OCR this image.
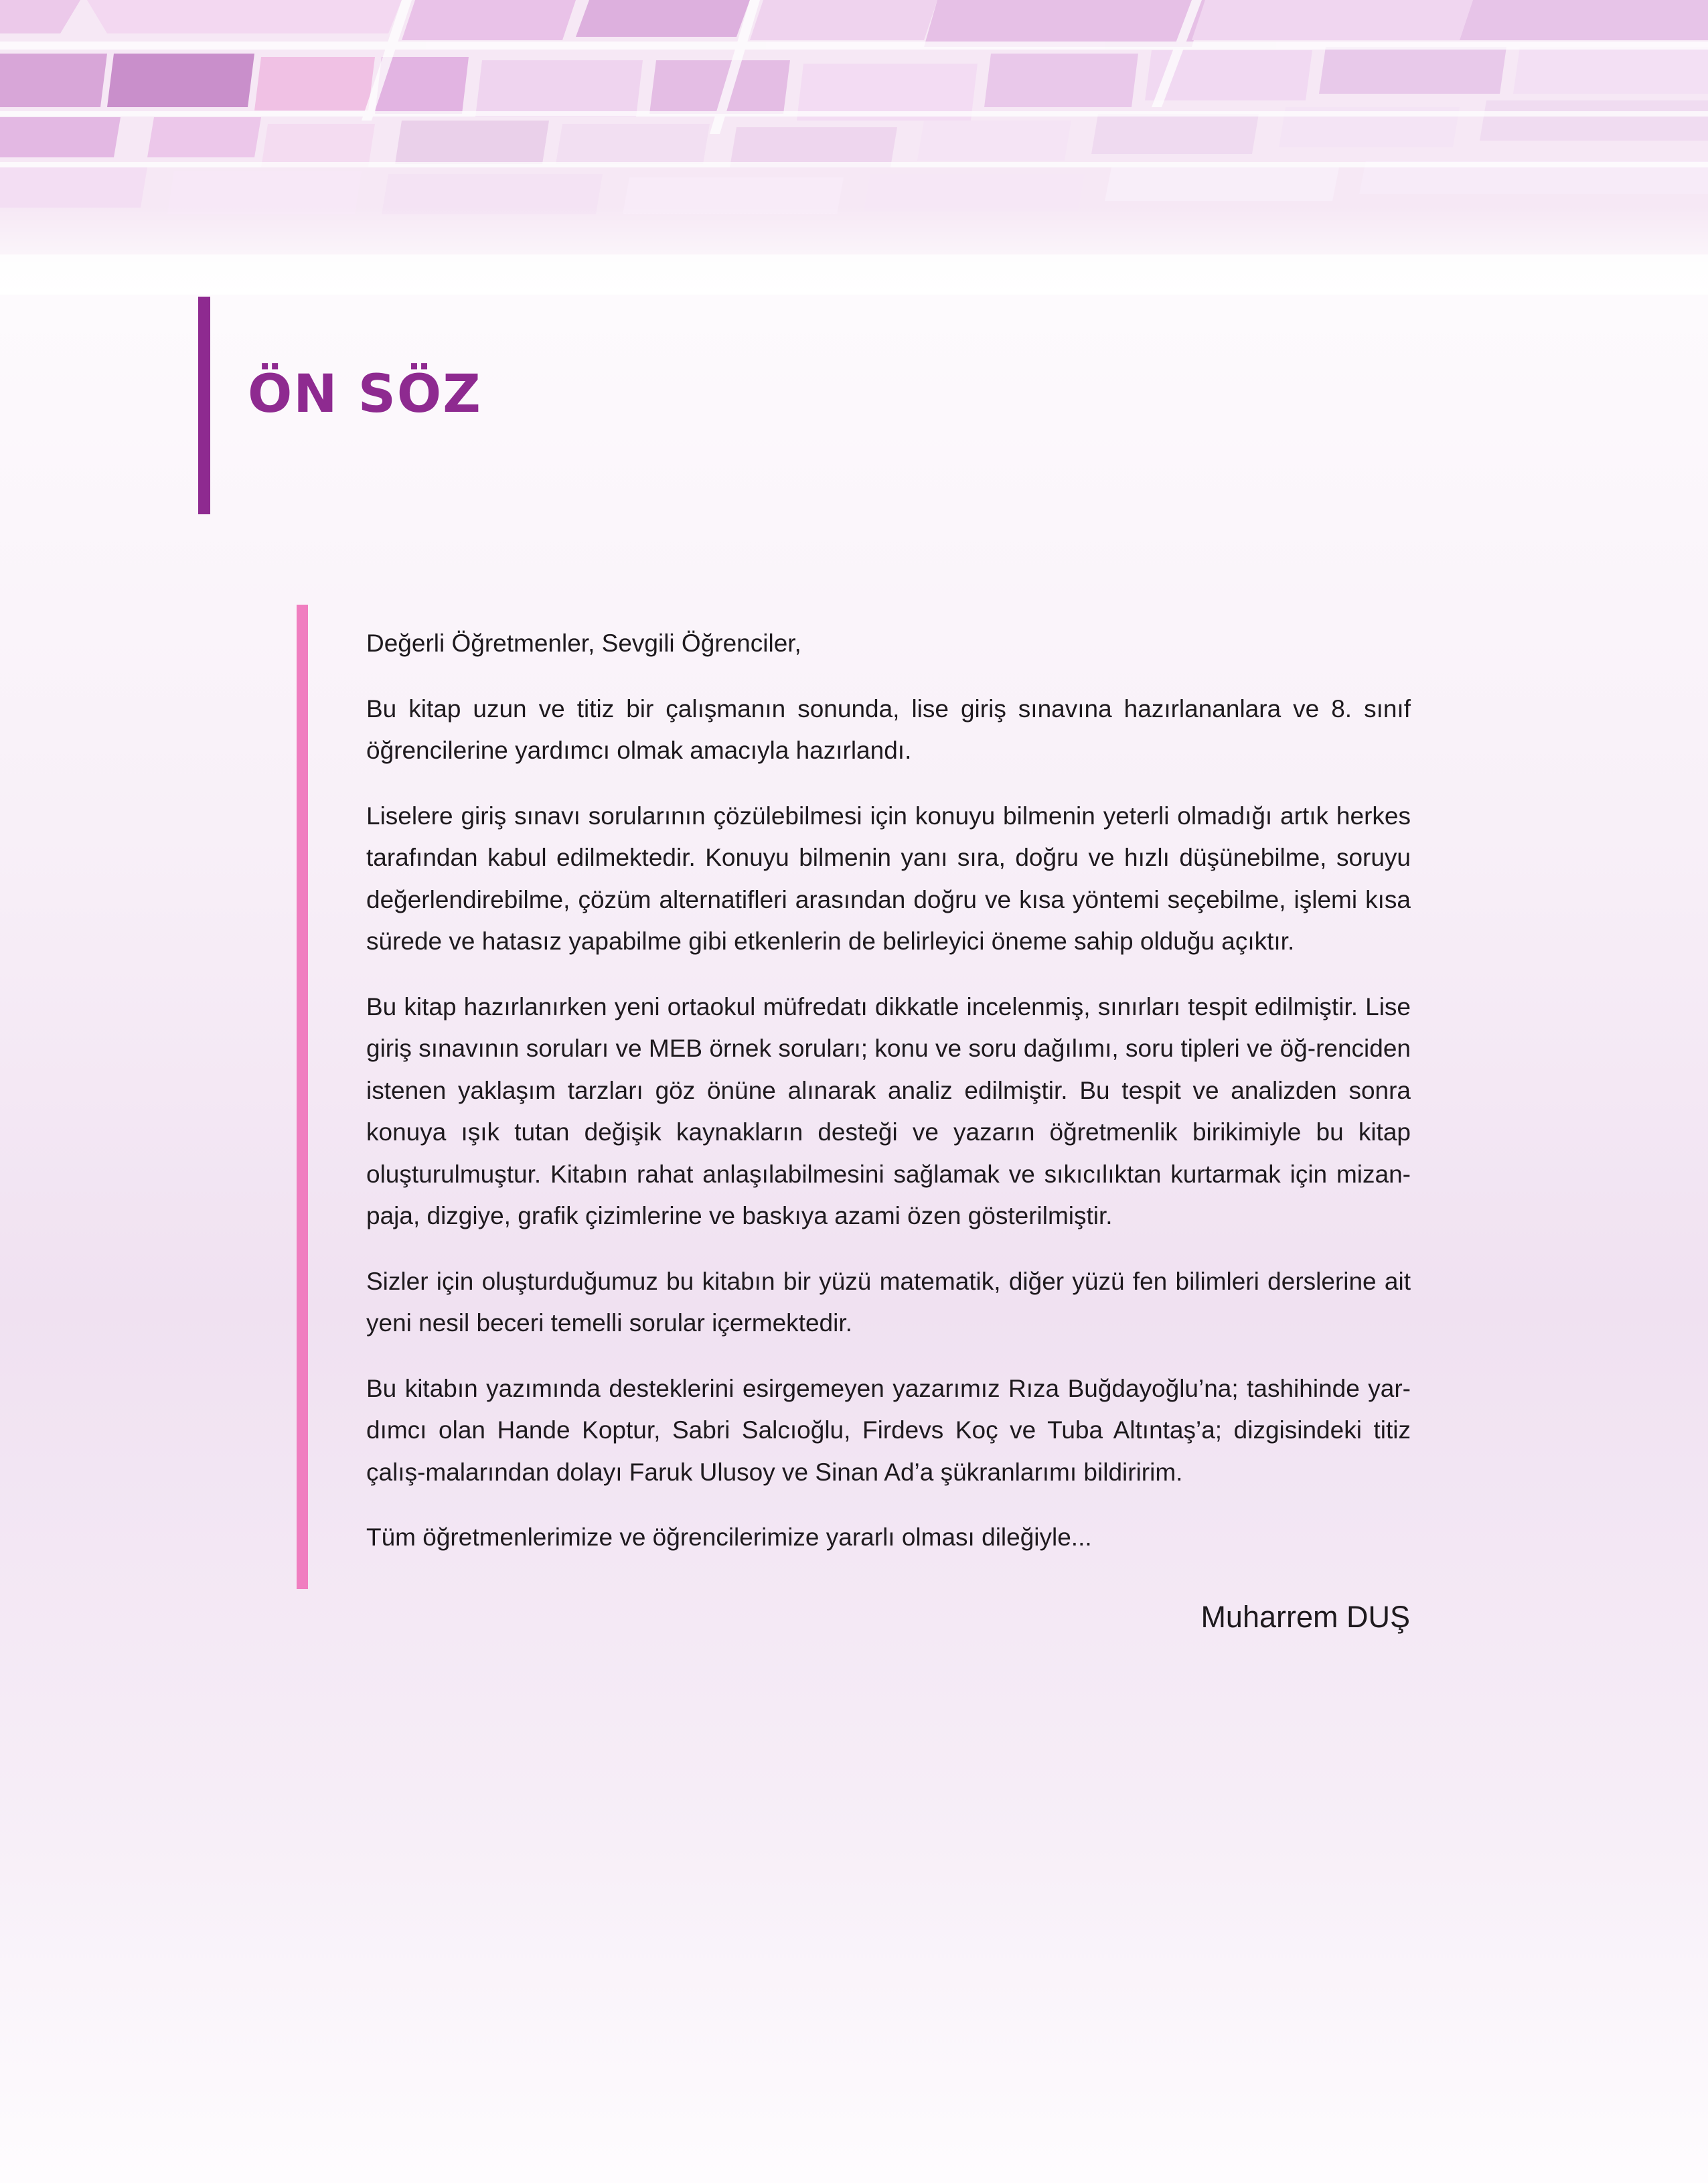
ÖN SÖZ

Değerli Öğretmenler, Sevgili Öğrenciler,

Bu kitap uzun ve titiz bir çalışmanın sonunda, lise giriş sınavına hazırlananlara ve 8. sınıf öğrencilerine yardımcı olmak amacıyla hazırlandı.

Liselere giriş sınavı sorularının çözülebilmesi için konuyu bilmenin yeterli olmadığı artık herkes tarafından kabul edilmektedir. Konuyu bilmenin yanı sıra, doğru ve hızlı düşünebilme, soruyu değerlendirebilme, çözüm alternatifleri arasından doğru ve kısa yöntemi seçebilme, işlemi kısa sürede ve hatasız yapabilme gibi etkenlerin de belirleyici öneme sahip olduğu açıktır.

Bu kitap hazırlanırken yeni ortaokul müfredatı dikkatle incelenmiş, sınırları tespit edilmiştir. Lise giriş sınavının soruları ve MEB örnek soruları; konu ve soru dağılımı, soru tipleri ve öğ-renciden istenen yaklaşım tarzları göz önüne alınarak analiz edilmiştir. Bu tespit ve analizden sonra konuya ışık tutan değişik kaynakların desteği ve yazarın öğretmenlik birikimiyle bu kitap oluşturulmuştur. Kitabın rahat anlaşılabilmesini sağlamak ve sıkıcılıktan kurtarmak için mizan-paja, dizgiye, grafik çizimlerine ve baskıya azami özen gösterilmiştir.

Sizler için oluşturduğumuz bu kitabın bir yüzü matematik, diğer yüzü fen bilimleri derslerine ait yeni nesil beceri temelli sorular içermektedir.

Bu kitabın yazımında desteklerini esirgemeyen yazarımız Rıza Buğdayoğlu’na; tashihinde yar-dımcı olan Hande Koptur, Sabri Salcıoğlu, Firdevs Koç ve Tuba Altıntaş’a; dizgisindeki titiz çalış-malarından dolayı Faruk Ulusoy ve Sinan Ad’a şükranlarımı bildiririm.

Tüm öğretmenlerimize ve öğrencilerimize yararlı olması dileğiyle...

Muharrem DUŞ
